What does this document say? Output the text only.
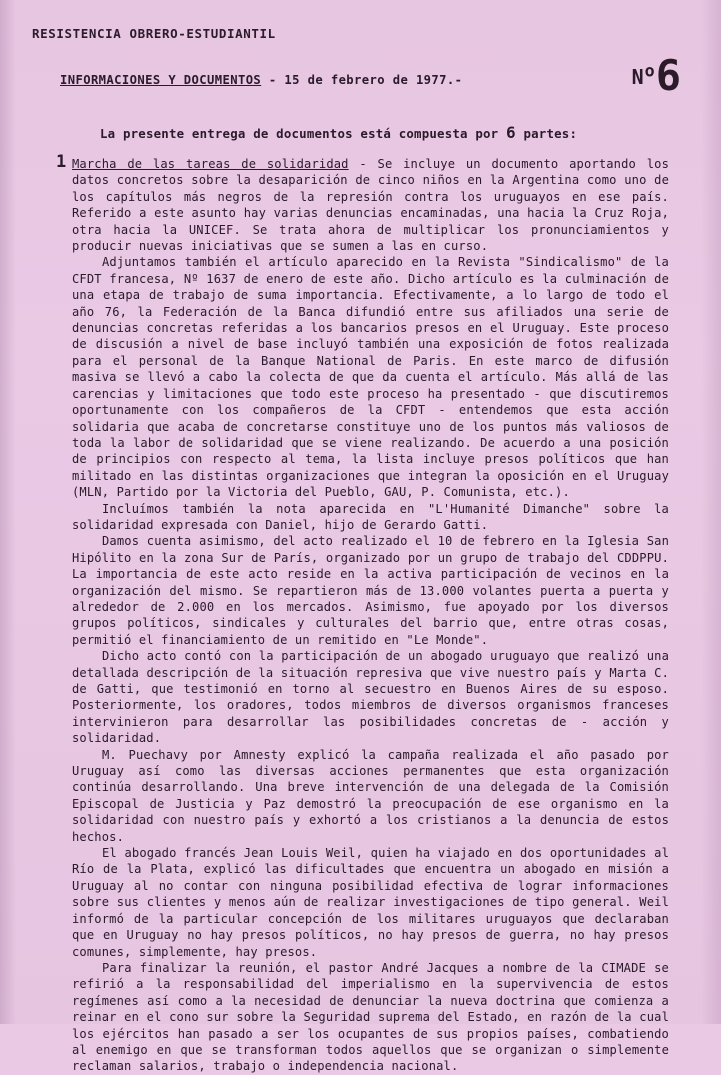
RESISTENCIA OBRERO-ESTUDIANTIL
INFORMACIONES Y DOCUMENTOS - 15 de febrero de 1977.-	$N^o6$
La presente entrega de documentos está compuesta por 6 partes:
1 Marcha de las tareas de solidaridad - Se incluye un documento aportando los datos concretos sobre la desaparición de cinco niños en la Argentina como uno de los capítulos más negros de la represión contra los uruguayos en ese país. Referido a este asunto hay varias denuncias encaminadas, una hacia la Cruz Roja, otra hacia la UNICEF. Se trata ahora de multiplicar los pronunciamientos y producir nuevas iniciativas que se sumen a las en curso.

Adjuntamos también el artículo aparecido en la Revista "Sindicalismo" de la CFDT francesa, Nº 1637 de enero de este año. Dicho artículo es la culminación de una etapa de trabajo de suma importancia. Efectivamente, a lo largo de todo el año 76, la Federación de la Banca difundió entre sus afiliados una serie de denuncias concretas referidas a los bancarios presos en el Uruguay. Este proceso de discusión a nivel de base incluyó también una exposición de fotos realizada para el personal de la Banque National de Paris. En este marco de difusión masiva se llevó a cabo la colecta de que da cuenta el artículo. Más allá de las carencias y limitaciones que todo este proceso ha presentado - que discutiremos oportunamente con los compañeros de la CFDT - entendemos que esta acción solidaria que acaba de concretarse constituye uno de los puntos más valiosos de toda la labor de solidaridad que se viene realizando. De acuerdo a una posición de principios con respecto al tema, la lista incluye presos políticos que han militado en las distintas organizaciones que integran la oposición en el Uruguay (MLN, Partido por la Victoria del Pueblo, GAU, P. Comunista, etc.).

Incluímos también la nota aparecida en "L'Humanité Dimanche" sobre la solidaridad expresada con Daniel, hijo de Gerardo Gatti.

Damos cuenta asimismo, del acto realizado el 10 de febrero en la Iglesia San Hipólito en la zona Sur de París, organizado por un grupo de trabajo del CDDPPU. La importancia de este acto reside en la activa participación de vecinos en la organización del mismo. Se repartieron más de 13.000 volantes puerta a puerta y alrededor de 2.000 en los mercados. Asimismo, fue apoyado por los diversos grupos políticos, sindicales y culturales del barrio que, entre otras cosas, permitió el financiamiento de un remitido en "Le Monde".

Dicho acto contó con la participación de un abogado uruguayo que realizó una detallada descripción de la situación represiva que vive nuestro país y Marta C. de Gatti, que testimonió en torno al secuestro en Buenos Aires de su esposo. Posteriormente, los oradores, todos miembros de diversos organismos franceses intervinieron para desarrollar las posibilidades concretas de - acción y solidaridad.

M. Puechavy por Amnesty explicó la campaña realizada el año pasado por Uruguay así como las diversas acciones permanentes que esta organización continúa desarrollando. Una breve intervención de una delegada de la Comisión Episcopal de Justicia y Paz demostró la preocupación de ese organismo en la solidaridad con nuestro país y exhortó a los cristianos a la denuncia de estos hechos.

El abogado francés Jean Louis Weil, quien ha viajado en dos oportunidades al Río de la Plata, explicó las dificultades que encuentra un abogado en misión a Uruguay al no contar con ninguna posibilidad efectiva de lograr informaciones sobre sus clientes y menos aún de realizar investigaciones de tipo general. Weil informó de la particular concepción de los militares uruguayos que declaraban que en Uruguay no hay presos políticos, no hay presos de guerra, no hay presos comunes, simplemente, hay presos.

Para finalizar la reunión, el pastor André Jacques a nombre de la CIMADE se refirió a la responsabilidad del imperialismo en la supervivencia de estos regímenes así como a la necesidad de denunciar la nueva doctrina que comienza a reinar en el cono sur sobre la Seguridad suprema del Estado, en razón de la cual los ejércitos han pasado a ser los ocupantes de sus propios países, combatiendo al enemigo en que se transforman todos aquellos que se organizan o simplemente reclaman salarios, trabajo o independencia nacional.
